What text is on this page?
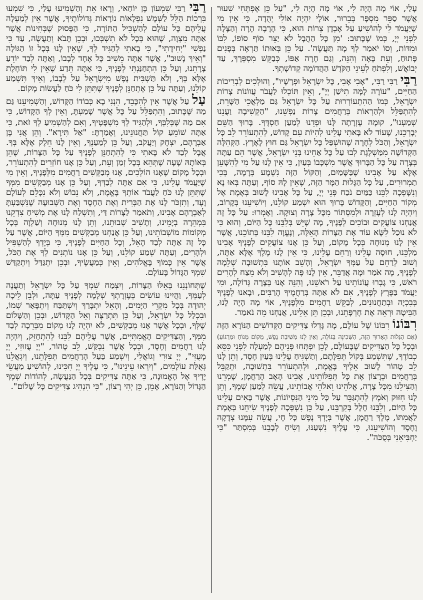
עָלַי, אוֹי מָה הָיָה לִי, אוֹי מָה הָיָה לִי, "עַל כֵּן אֶפְתְּחִי שִׁעוּר אֲשֶׁר סַפֵּר מִסְפָּר בְּבֵרוּר, אוֹלָי יִהְיֶה אוֹלִי יְהֻדָה, כִּי אֵין מִי שֶׁיַּעֲמֹד לִי לְהוֹשִׁיעַ עַל אָבְדָן צְרוֹת הוּא, כִּי הָרָבֶה הָרָה וְהַצָּלָה לִפְנֵי יְיָ, כְּמוֹ שֶׁכָּתוּב: 'מִן כָּל הַהֲבָל לֹא יַצֵּר סוֹף סוֹפוֹ, לִבּוֹ וּמִדּוֹת, וְסוֹ יֹאמַר לְךָ מָה תַּעֲשֶׂה'. עַל כֵּן בְּאוּתוֹ תַּרְאֶה בְּפָנִים פָּתוּחַ, וְעֵת בָּאָה וְהִנֵּה, וְגַם חָרָה אַפּוֹ, כְּבַקֵּשׁ מִסְפְּרָךְ, עַד יְבוֹאֲשׁ, וְלִפְתֹחַ לְעֵינֵי הַקֹּדֶשׁ הַהֲדוֹמָה קְדוֹשָׁתְךָ.

רַבִּי רַבִּי רַבִּי, "אָבִי אָבִי, כָּל יִשְׂרָאֵל וּפְרָשָׁיו", וְהוּלְכִים לְבְרִיכוֹת הַחַיִּים, "עוֹרָה לָמָּה תִישַׁן יְיָ", וְאֵין תּוֹכְלוּ לַעֲבֹר עֲווֹנוֹת צָרוֹת יִשְׂרָאֵל, כְּמוֹ הַהִתְעוֹרְרוּת עַל כָּל יִשְׂרָאֵל גַּם מַלְאֲכֵי הַשָּׁרֵת, לְהִתְפַּלֵּל וּלְהַרְאוֹת בְּרַחֲמִים צָרוֹת נַפְשֵׁנוּ, "הַקְשִׁיבָה וַעֲנֵנוּ שְׁמַעְנוּ", קוּמָה עֶזְרָתָה לָּנוּ וּפְדֵנוּ לְמַעַן חַסְדֶּךָ. בָּרוּךְ הַשֵּׁם יְבָרְכֵנוּ, שֶׁעוֹד לֹא בָּאתִי עָלֵינוּ לְהִיוֹת עִם קָדוֹשׁ, לְהִתְעוֹרֵר לֵב כָּל יִשְׂרָאֵל, וְהַכֹּל לְחָרָה שֶׁהוּשְׁפַּל כָּל יִשְׂרָאֵל גַּם חוּץ לָאָרֶץ. הַקְּהִלָּה הַקְּדוֹשָׁה מִמַּשְׁלֶגֶת לְבוּ עַל כָּל אַחֵינוּ בְּנֵי יִשְׂרָאֵל, אֲשֶׁר הֵם עַתָּה בְּצָרָה עַל כָּל הַבָּרוּךְ אֲשֶׁר מִשְׁכָּבוֹ בְּעַיִן, כִּי אֵין לָנוּ עַל מִי לְהִשָּׁעֵן אֶלָּא עַל אָבִינוּ שֶׁבַּשָּׁמַיִם, וְהַקּוֹל הַזֶּה נִשְׁמָע בְּרָמָה, בְּכִי תַמְרוּרִים, עַל כָּל הַגָּלוּת הַמָּר הַזֶּה, שֶׁאֵין לָהּ סוֹף, וְעַתָּה בְּאוּ נָא וְנִשָּׁפְכָה לִבֵּנוּ כַּמַּיִם נֹכַח פְּנֵי יְיָ, עַל כָּל אָבִינוּ לָשׁוּב בְּאֶמֶת אֶל מְקוֹר הַחַיִּים, וְהַקָּדוֹשׁ בָּרוּךְ הוּא יִשְׁמַע קוֹלֵנוּ, וְיוֹשִׁיעֵנוּ בְּקָרוֹב, וְיִהְיֶה לָנוּ לְעֶזְרָה וּלְמִסְתּוֹר מִכָּל צָרָה וְצוּקָה. וְאָמְרוּ: עַל כָּל זֶה אֲנַחְנוּ צוֹעֲקִים וּבוֹכִים לְפָנֶיךָ, מָה שֶׁיֵּשׁ בְּלִבֵּנוּ כָּל הַיּוֹם, וְהוּא כִּי לֹא נוּכַל לִשָּׂא עוֹד אֶת הַצָּרוֹת הָאֵלֶּה, וְנֶעֱוָה לִבֵּנוּ בְּתוֹכֵנוּ, אֲשֶׁר אֵין לָנוּ מְנוּחָה בְּכָל מָקוֹם, וְעַל כֵּן אָנוּ צוֹעֲקִים לְפָנֶיךָ אָבִינוּ מַלְכֵּנוּ, חוּסָה עָלֵינוּ וְרַחֵם עָלֵינוּ, כִּי אֵין לָנוּ מֶלֶךְ אֶלָּא אַתָּה, וְשׁוּב לְרַחֵם עַל עַמְּךָ יִשְׂרָאֵל, וְהָשֵׁב אוֹתָנוּ בִּתְשׁוּבָה שְׁלֵמָה לְפָנֶיךָ, מָה אֹמַר וּמָה אֲדַבֵּר, אֵין לָנוּ פֶּה לְהָשִׁיב וְלֹא מֵצַח לְהָרִים רֹאשׁ, כִּי גָבְרוּ עֲוֹנוֹתֵינוּ עַל רֹאשֵׁנוּ, וְהִנֵּה אָנוּ בְּצָרָה גְּדוֹלָה, וּמִי יַעֲמֹד בַּפֶּרֶץ לְפָנֶיךָ, אִם לֹא אַתָּה בְּרַחֲמֶיךָ הָרַבִּים, וּבָאנוּ לְפָנֶיךָ בְּבִכְיָה וּבְתַחֲנוּנִים, לְבַקֵּשׁ רַחֲמִים מִלְּפָנֶיךָ, אוֹי מָה הָיָה לָנוּ, הַבִּיטָה וּרְאֵה אֶת חֶרְפָּתֵנוּ, וּבְכֵן תֵּן אֵלֵינוּ, אֲנַחְנוּ מֵה נֹאמַר.

רִבּוֹנוֹ רִבּוֹנוֹ שֶׁל עוֹלָם, מָה גָּדְלוּ צַדִּיקִים הַקְּדוֹשִׁים הַנּוֹרָא הַזֶּה (אֵם הַגְּלוּת הָאָרוּךְ הַזֶּה, הַשְּׁכִינָה בַּגּוֹלָה, וְאֵין לָנוּ מְשִׁיבַת נֶפֶשׁ, מְקוֹם מָנוֹחַ וּמַרְגּוֹעַ) וּבְכָל כָּל הַצַּדִּיקִים שֶׁבָּעוֹלָם, לָכֵן יִפְתְּחוּ פְּנֵיהֶם לְמַעְלָה לִפְנֵי כִּסֵּא כְבוֹדֶךָ, שֶׁתִּשְׁמַע בְּקוֹל תְּפִלָּתָם, וְתַשְׁגִּיחַ עָלֵינוּ בְּעַיִן חֶסֶד, וְתֵן לָנוּ לֵב טָהוֹר לָשׁוּב אֵלֶיךָ בֶּאֱמֶת, וּלְהִתְעוֹרֵר בִּתְשׁוּבָה, וּתְקַבֵּל בְּרַחֲמִים וּבְרָצוֹן אֶת כָּל תְּפִלּוֹתֵינוּ, אָבִינוּ הָאָב הָרַחֲמָן, שָׁמְרֵנוּ וְהַצִּילֵנוּ מִכָּל צָרָה, אֱלֹהֵינוּ וֵאלֹהֵי אֲבוֹתֵינוּ, עֲשֵׂה לְמַעַן שְׁמֶךָ, וְתֵן לָנוּ חִזּוּק וְאֹמֶץ לְהִתְגַּבֵּר עַל כָּל מִינֵי הַנִּסְיוֹנוֹת, אֲשֶׁר בָּאִים עָלֵינוּ כָּל הַיּוֹם, וְלִבֵּנוּ חָלָל בְּקִרְבֵּנוּ, עַל כֵּן נִשְׁפְּכָה לְפָנֶיךָ שִׂיחֵנוּ בְּאֶמֶת לַאֲמִתּוֹ, מֶלֶךְ רַחֲמָן, אֲשֶׁר בְּיָדְךָ נֶפֶשׁ כָּל חָי, עֲשֵׂה עִמָּנוּ צְדָקָה וָחֶסֶד וְהוֹשִׁיעֵנוּ, כִּי עָלֶיךָ נִשְׁעַנּוּ, וְשִׂיחַ לְבָבֵנוּ בְּמִסְתַּר "כִּי יַחְבִּיאֵנִי בְּסֻכֹּה".

רַבִּי רַבִּי שִׁמְעוֹן בֶּן יוֹחַאי, וְרָאוּ אֵת וְהַשְׁמִיעוּ עָלַי, כִּי שִׁמְעוּ בִּרְכוֹת הַלֵּל לַשְּׁמָשׁ נִפְלָאוֹת נוֹרָאוֹת גְּדוֹלוֹתֶיךָ, אֲשֶׁר אֵין לְמַעְלָה עֲלֵיהֶם כָּל עוֹלָם לְהַשְׁכִּיל הַתּוֹרָה, כִּי הַפָּסוּק שֶׁבְּחִינוֹת אֲשֶׁר אַתָּה מִצְוָה, שֶׁהוּא בְּכָל לֹא תִשְׁבְּכוּ, וּבְכֵן תָּבֹא וְתַעֲשֶׂה, עַד כִּי נַפְשִׁי "יְחִידָתִי", כִּי בָאתִי לְהַגִּיד לְךָ, שֶׁאֵין לָנוּ בְּכָל זוֹ הַגּוֹלָה "וְאֵיךְ נָשׁוּב", אֲשֶׁר אַתָּה מֵשִׁיב כָּל אֶחָד לְבָבוֹ, וְאַתָּה לְבַד יוֹדֵעַ צָרָתֵנוּ, וְעַל כֵּן הִתְחַנַּנְתִּי לְפָנֶיךָ, כִּי אַתָּה תֵּדַע שֶׁאֵין לִי תּוֹחֶלֶת אֶלָּא בְּךָ, וְלֹא תַּשְׁבִּית נֶפֶשׁ מִיִּשְׂרָאֵל עַל לְבָבוֹ, וְאֵיךְ תִּשְׁמַע קוֹלֵנוּ, וְעַתָּה עַל כֵּן אֶתְחַנֵּן לְפָנֶיךָ שֶׁתִּתֵּן לִי כֹּחַ לַעֲשׂוֹת מָקוֹם.

עַל עַל אֲשֶׁר אֵין לְהִכָּבֵד, הִנְנִי בָא כְּבוֹדוֹ הַקָּדוֹשׁ, וְהַשְׁמִיעֵנוּ גַּם מַה שֶּׁכָּתוּב, וְהִתְפַּלֵּל עַל כָּל אֲשֶׁר שָׁמַעְתָּ, וְאֵין לְךָ הַקָּדוֹשׁ, כִּי אִם מַה שֶּׁבְּלִבְּךָ, וּלְהַגִּיד לְךָ מִשְׁפָּטֶיךָ, וְאִם לְהַשְׁמִיעַ לְךָ זֹאת, כִּי אַתָּה שׁוֹמֵעַ קוֹל תַּחֲנוּנֵינוּ, וְאָמַרְתָּ: "אַל תִּירָא". וְהֵן אֲנִי בֶּן אַבְרָהָם, יִצְחָק וְיַעֲקֹב, וְעַל כֵּן לְמַעַנְךָ, וְאֵין לָנוּ חֵלֶק אֶלָּא בְּךָ. אֲבָל לְבַד לֹא בָּאתִי כִּי לְהִתְחַנֵּן לְפָנֶיךָ עַל כָּל הַצָּרוֹת, שֶׁהֵן בְּאוֹתָהּ שָׁעָה שֶׁתְּהֵא בְּכָל זְמַן וְעֵת, וְעַל כֵּן אָנוּ חוֹזְרִים לְהִתְעוֹרֵר, וּבְכָל מָקוֹם שֶׁאָנוּ הוֹלְכִים, אָנוּ מְבַקְּשִׁים רַחֲמִים מִלְּפָנֶיךָ, וְאֵין מִי שֶׁיַּעֲמֹד עָלֵינוּ, כִּי אִם אַתָּה לְבַדְּךָ, וְעַל כֵּן אָנוּ מְבַקְּשִׁים מִמְּךָ שֶׁתִּתֵּן לָנוּ כֹּחַ לַעֲבֹד אוֹתְךָ בֶּאֱמֶת, וְלֹא נֵבוֹשׁ וְלֹא נִכָּלֵם לְעוֹלָם וָעֶד, וְתִזְכֹּר לָנוּ אֶת הַבְּרִית וְאֶת הַחֶסֶד וְאֶת הַשְּׁבוּעָה שֶׁנִּשְׁבַּעְתָּ לְאַבְרָהָם אָבִינוּ, וְתֹאמַר לַצָּרוֹת דַּי, וְתִשְׁלַח לָנוּ אֶת מְשִׁיחַ צִדְקֵנוּ בִּמְהֵרָה בְיָמֵינוּ, וְתָשִׁיב שְׁבוּתֵנוּ, וְתֵן לָנוּ מְנוּחָה וְשַׁלְוָה בְּכָל מְקוֹמוֹת מוֹשְׁבוֹתֵינוּ, וְעַל כֵּן אֲנַחְנוּ מְבַקְּשִׁים מִמְּךָ הַיּוֹם, אֲשֶׁר עַל כָּל זֶה אַתָּה לְבַד הָאֵל, וְכָל הַחַיִּים לְפָנֶיךָ, כִּי בְּיָדְךָ לְהַשְׁפִּיל וּלְהָרִים, וְעַתָּה שְׁמַע קוֹלֵנוּ, וְעַל כֵּן אָנוּ נוֹתְנִים לְךָ אֶת הַכֹּל, אֲשֶׁר אֵין כָּמוֹךָ בָּאֱלֹהִים, וְאֵין כְּמַעֲשֶׂיךָ, וּבְכֵן יִתְגַּדַּל וְיִתְקַדַּשׁ שִׁמְךָ הַגָּדוֹל בָּעוֹלָם.

שֶׁתְּחוֹנְנֵנוּ בְּאֵלּוּ הַצָּרוֹת, וְיִצְמַח שִׁמְךָ עַל כָּל יִשְׂרָאֵל וְתַעֲנֶה לְעַמְּךָ, וַהֲיִינוּ עוֹשִׂים בְּעֶזְרָתְךָ שְׁלָמָה לְפָנֶיךָ עַתָּה, וּלְבֵן לֵיכָה יְהוּדָה בְּכָל מִקְרֵי הַיָּמִים, וְהָאֵל יִתְבָּרַךְ וְיִשְׁתַּבַּח וְיִתְפָּאַר שְׁמוֹ, וּבִכְלַל כָּל יִשְׂרָאֵל, וְעַל כֵּן תִּתְרַצֶּה וְאֵל הַקָּדוֹשׁ, וּבְכֵן וְהַשָּׁלוֹם שֶׁלְּךָ, וּבְכָל אֲשֶׁר אָנוּ מְבַקְּשִׁים, לֹא יִהְיֶה לָנוּ מְקוֹם מִבְּרֵכָה לְבַד מִמְּךָ, וְהַצַּדִּיקִים הָאֱמִתִּיִּים, אֲשֶׁר עֲלֵיהֶם לִבֵּנוּ לְהִתְחַזֵּק, וְיִהְיֶה לָנוּ רַחֲמִים וְחֶסֶד, וּבְכָל אֲשֶׁר נִבְקַּשׁ, לֵב טָהוֹר, "יְיָ עֲזוּזִי, יְיָ מָעֻזִּי", יְיָ צוּרִי וְגוֹאֲלִי, וְיִשְׁמַע בַּעַל הָרַחֲמִים תְּפִלָּתֵנוּ, וְיִגְאֲלֵנוּ גְּאֻלַּת עוֹלָמִים, "וְיִרְאוּ עֵינֵינוּ", כִּי עָלֶיךָ יְיָ חִכִּינוּ, לְהוֹשִׁיעַ מַעֲשֵׂי יָדֶיךָ אֶל הָאֱמוּנָה, כִּי אַתָּה צַדִּיקִים בְּכָל הַנַּעֲשָׂה, לְהוֹדוֹת שְׁמֶךָ הַגָּדוֹל וְהַנּוֹרָא, אָמֵן, כֵּן יְהִי רָצוֹן, "כִּי הִנְהִיג צַדִּיקִים כָּל שָׁלוֹם".
